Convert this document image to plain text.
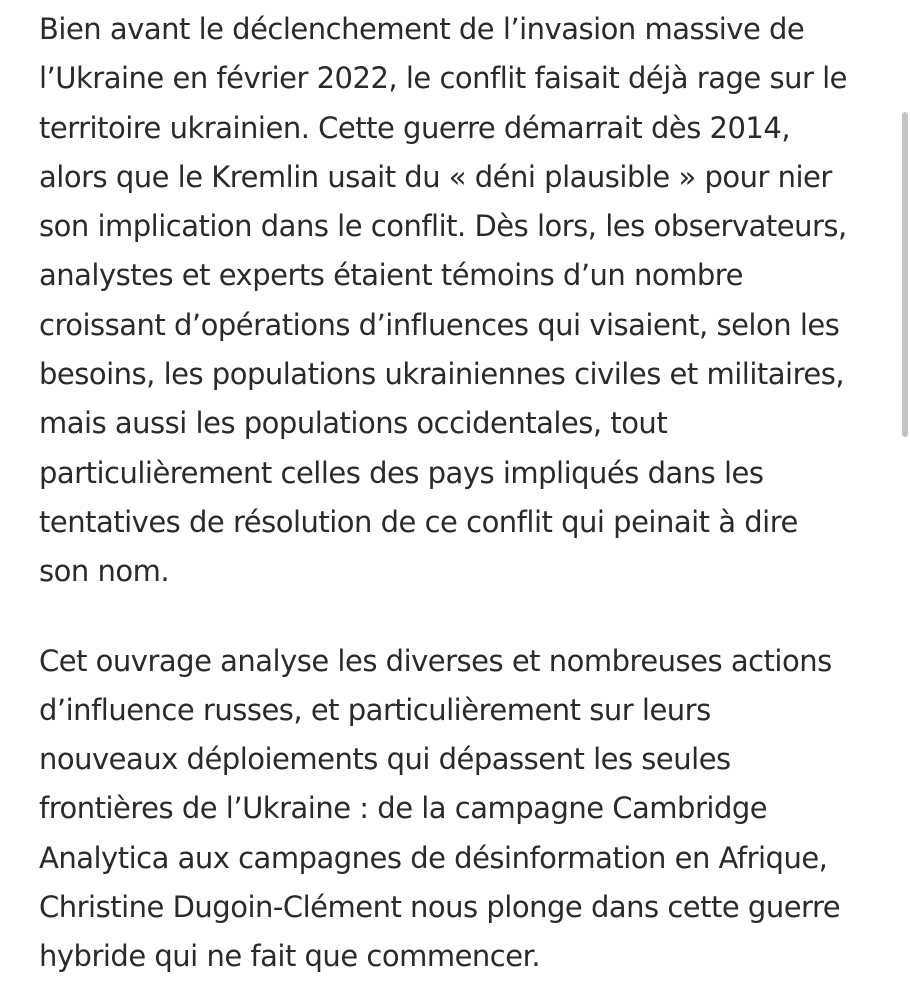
Bien avant le déclenchement de l’invasion massive de
l’Ukraine en février 2022, le conflit faisait déjà rage sur le
territoire ukrainien. Cette guerre démarrait dès 2014,
alors que le Kremlin usait du « déni plausible » pour nier
son implication dans le conflit. Dès lors, les observateurs,
analystes et experts étaient témoins d’un nombre
croissant d’opérations d’influences qui visaient, selon les
besoins, les populations ukrainiennes civiles et militaires,
mais aussi les populations occidentales, tout
particulièrement celles des pays impliqués dans les
tentatives de résolution de ce conflit qui peinait à dire
son nom.

Cet ouvrage analyse les diverses et nombreuses actions
d’influence russes, et particulièrement sur leurs
nouveaux déploiements qui dépassent les seules
frontières de l’Ukraine : de la campagne Cambridge
Analytica aux campagnes de désinformation en Afrique,
Christine Dugoin-Clément nous plonge dans cette guerre
hybride qui ne fait que commencer.
